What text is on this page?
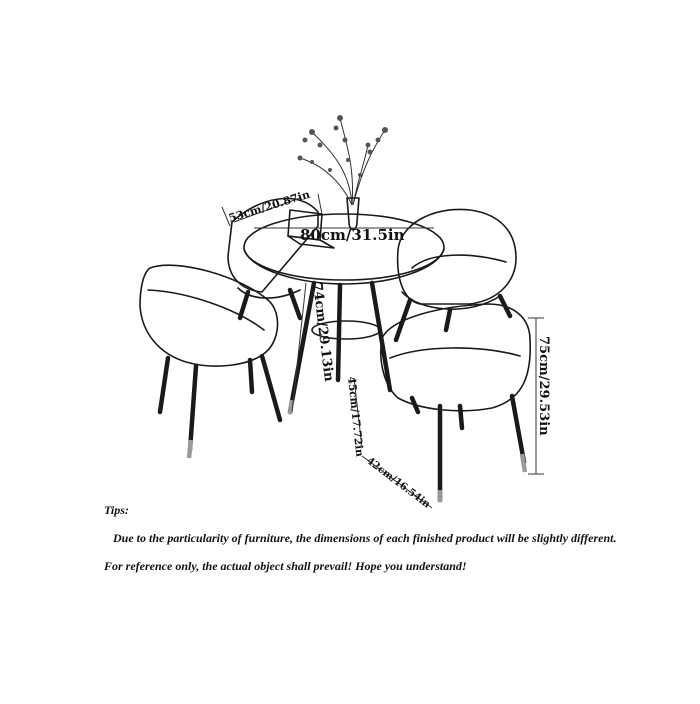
80cm/31.5in
53cm/20.87in
74cm/29.13in
75cm/29.53in
45cm/17.72in
42cm/16.54in
Tips:
Due to the particularity of furniture, the dimensions of each finished product will be slightly different.
For reference only, the actual object shall prevail! Hope you understand!
